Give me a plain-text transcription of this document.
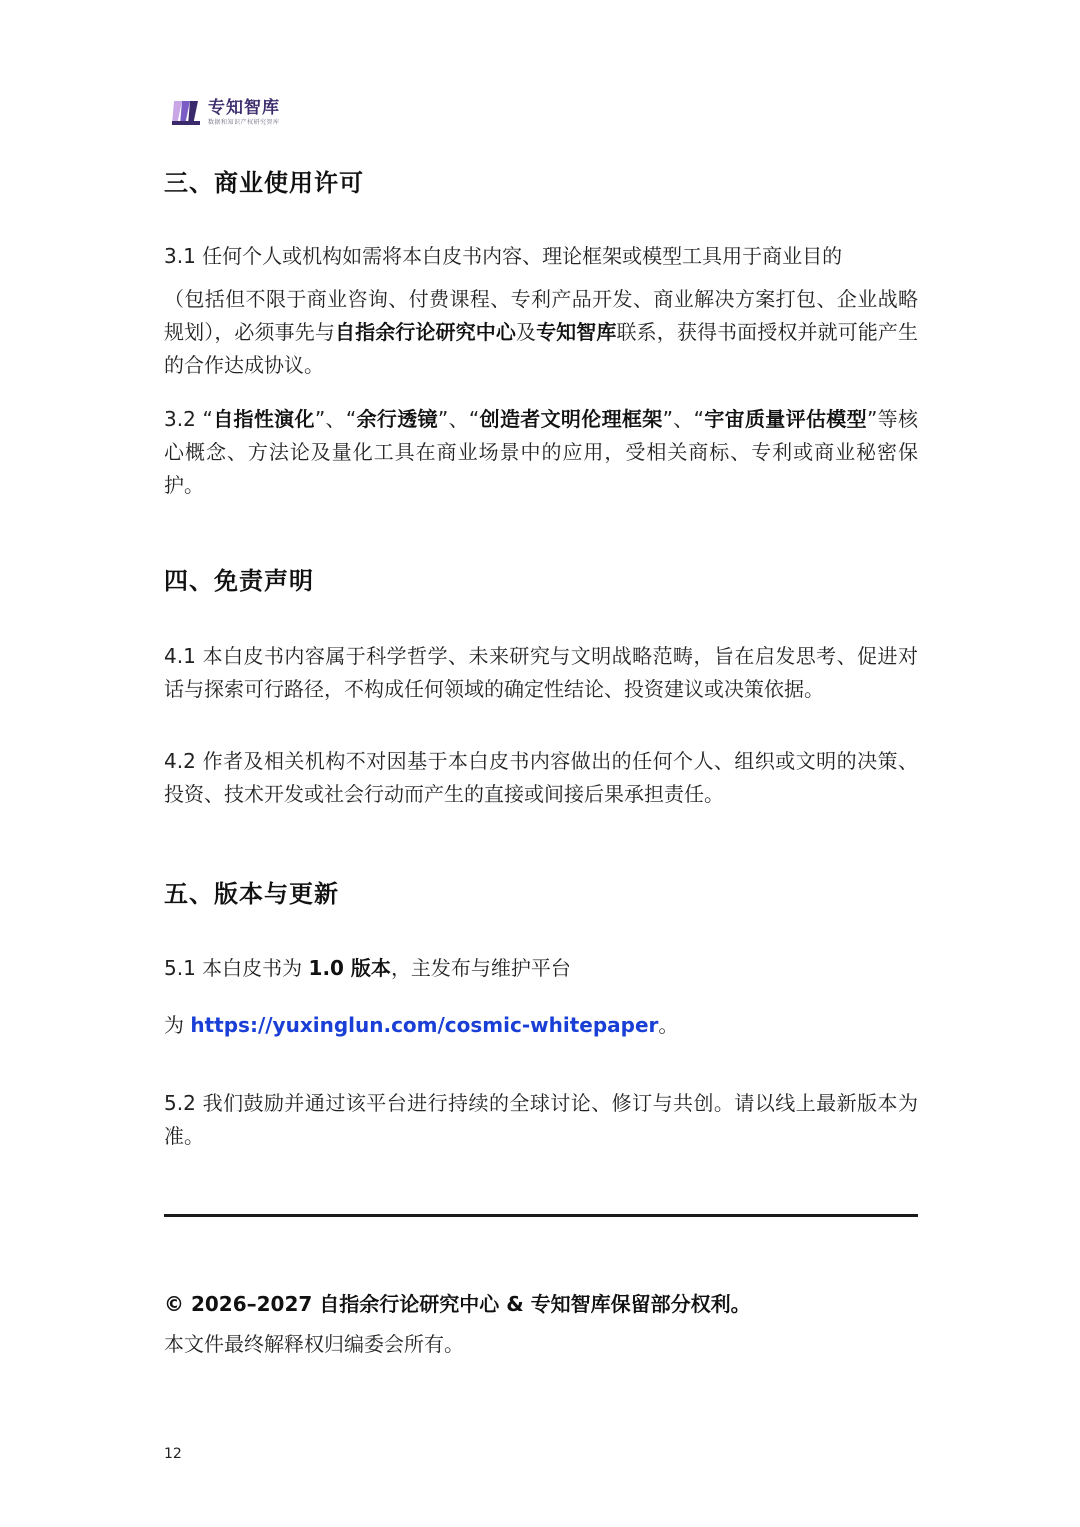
专知智库
数据和知识产权研究智库
三、商业使用许可

3.1 任何个人或机构如需将本白皮书内容、理论框架或模型工具用于商业目的

（包括但不限于商业咨询、付费课程、专利产品开发、商业解决方案打包、企业战略规划），必须事先与自指余行论研究中心及专知智库联系，获得书面授权并就可能产生的合作达成协议。

3.2 “自指性演化”、“余行透镜”、“创造者文明伦理框架”、“宇宙质量评估模型”等核心概念、方法论及量化工具在商业场景中的应用，受相关商标、专利或商业秘密保护。

四、免责声明

4.1 本白皮书内容属于科学哲学、未来研究与文明战略范畴，旨在启发思考、促进对话与探索可行路径，不构成任何领域的确定性结论、投资建议或决策依据。

4.2 作者及相关机构不对因基于本白皮书内容做出的任何个人、组织或文明的决策、投资、技术开发或社会行动而产生的直接或间接后果承担责任。

五、版本与更新

5.1 本白皮书为 1.0 版本，主发布与维护平台

为 https://yuxinglun.com/cosmic-whitepaper。

5.2 我们鼓励并通过该平台进行持续的全球讨论、修订与共创。请以线上最新版本为准。

© 2026–2027 自指余行论研究中心 & 专知智库保留部分权利。

本文件最终解释权归编委会所有。

12
